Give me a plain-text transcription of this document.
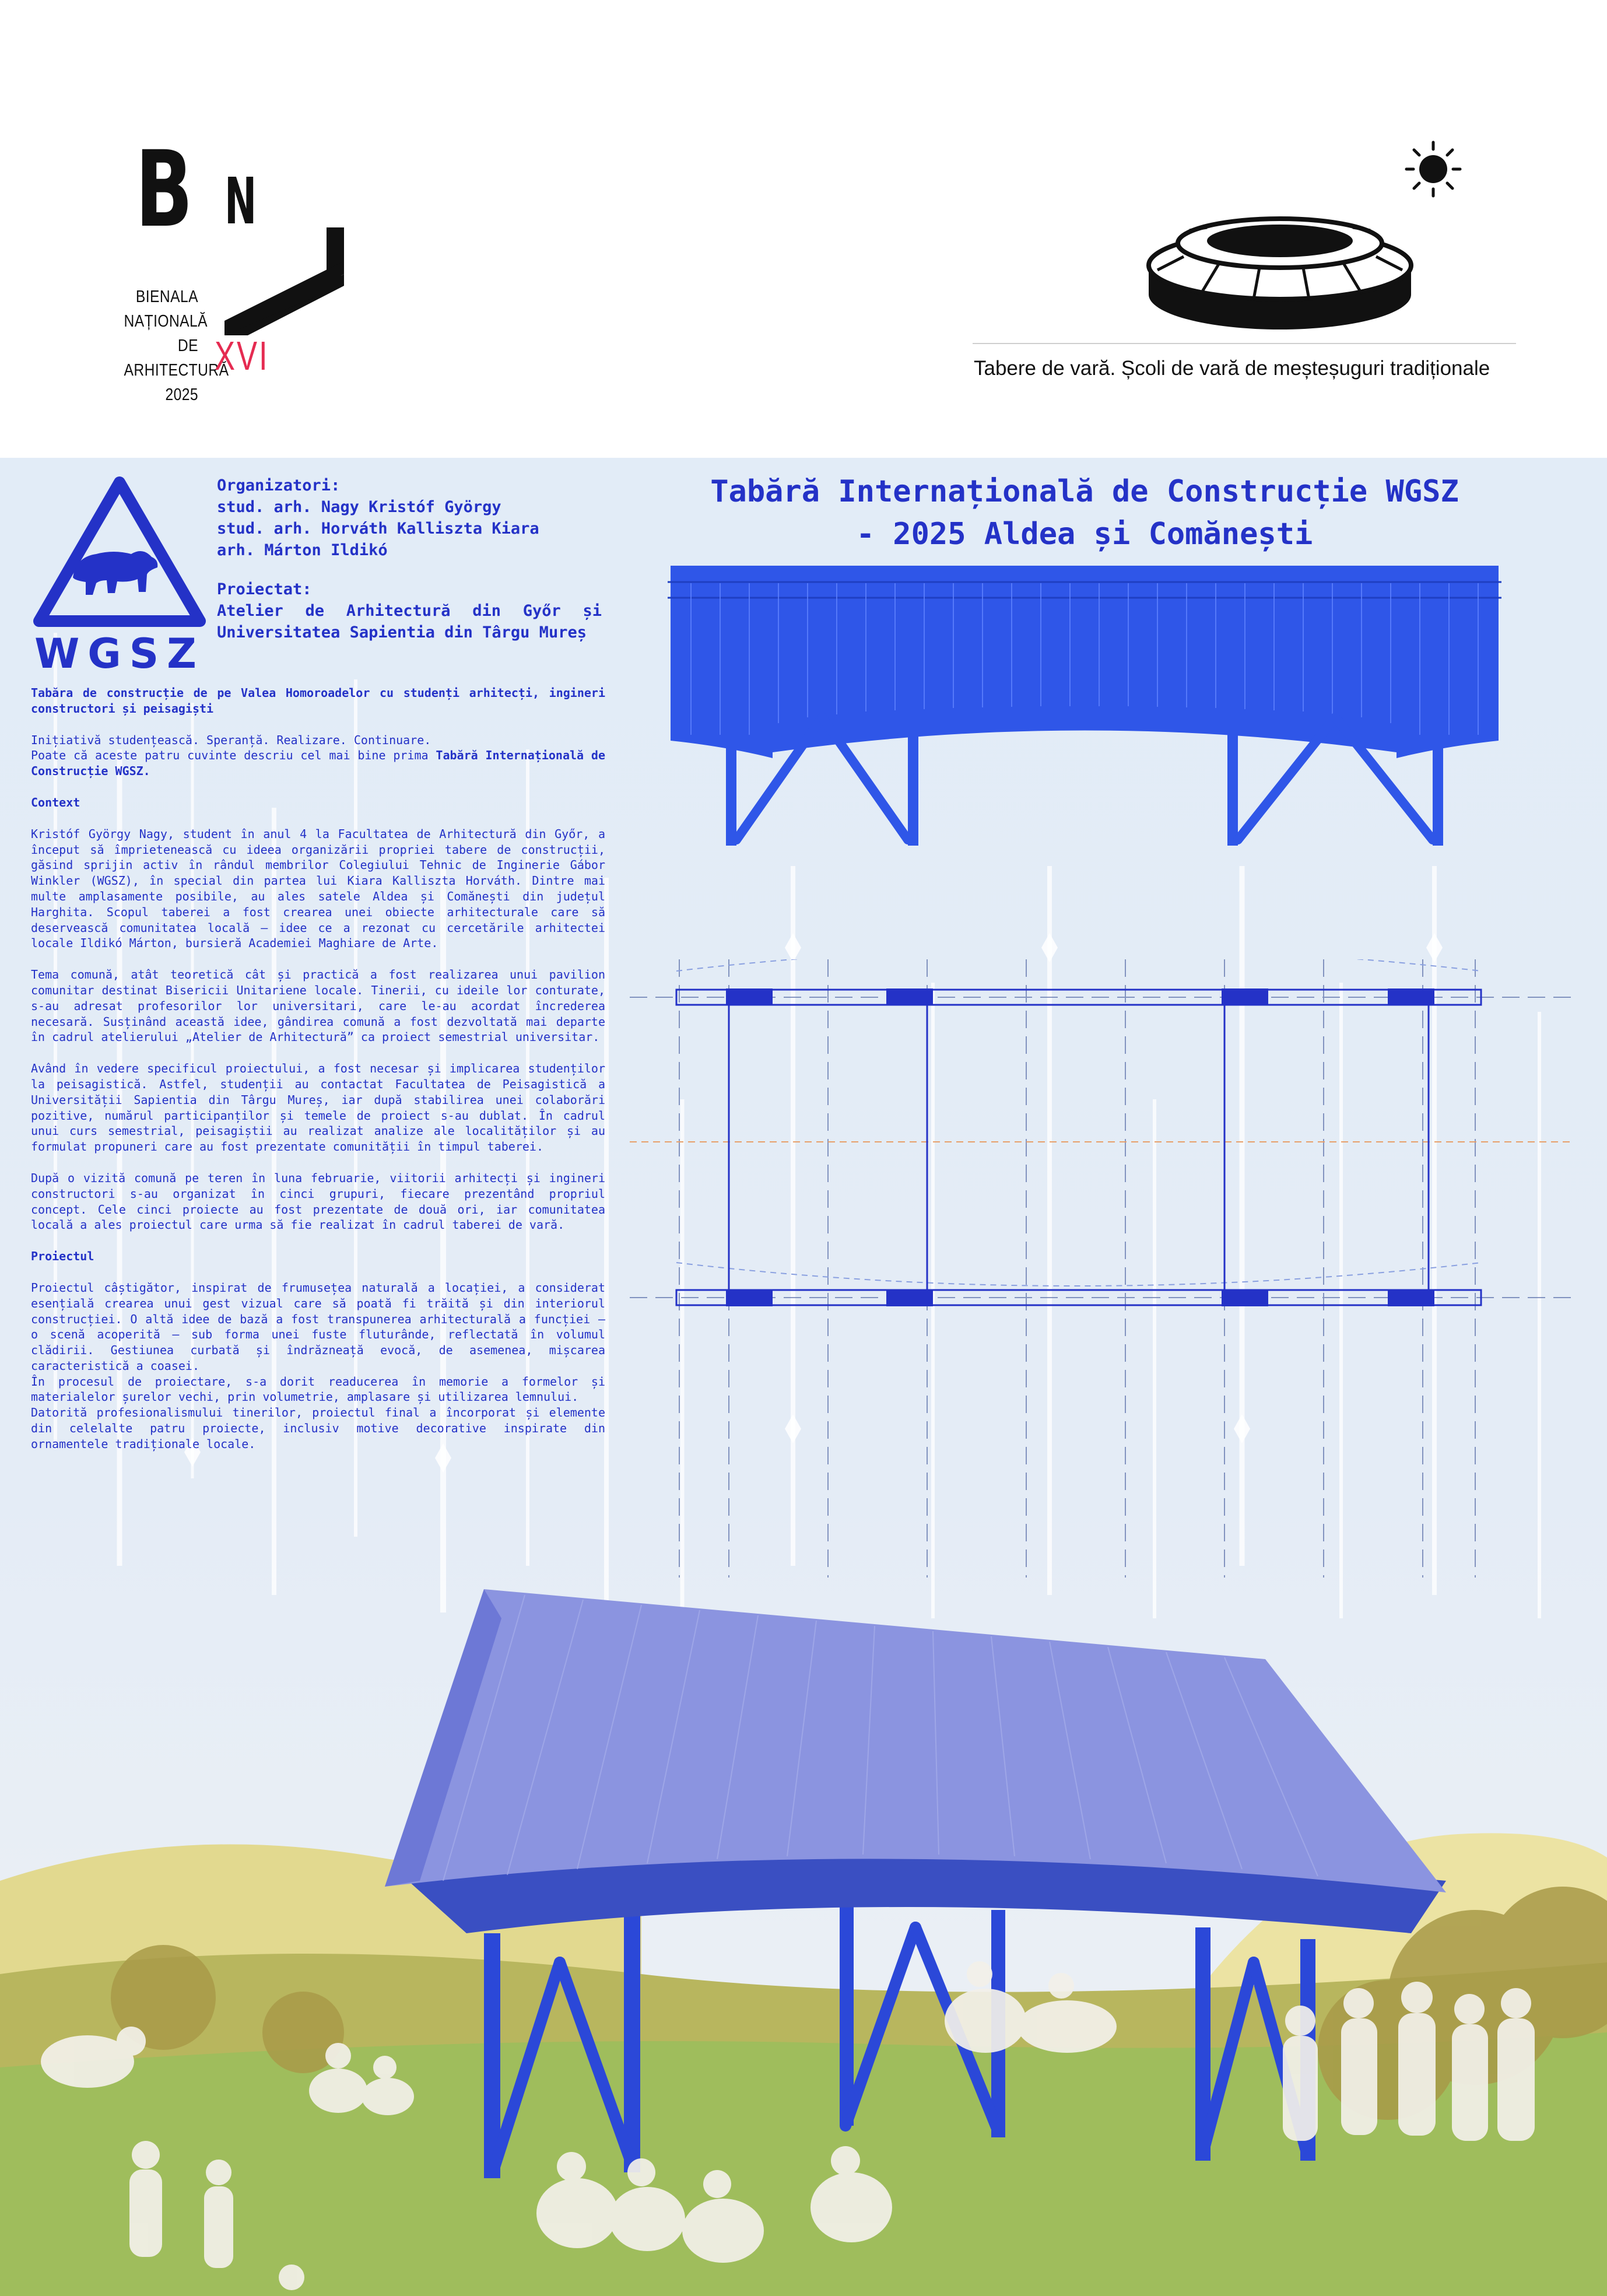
B N
BIENALA
NAȚIONALĂ
DE
ARHITECTURĂ
2025
XVI	Tabere de vară. Școli de vară de meșteșuguri tradiționale
WGSZ

Organizatori:

stud. arh. Nagy Kristóf György

stud. arh. Horváth Kalliszta Kiara

arh. Márton Ildikó

Proiectat:

Atelier de Arhitectură din Győr și Universitatea Sapientia din Târgu Mureș

Tabără Internațională de Construcție WGSZ
- 2025 Aldea și Comănești

Tabăra de construcție de pe Valea Homoroadelor cu studenți arhitecți, ingineri constructori și peisagiști

Inițiativă studențească. Speranță. Realizare. Continuare.

Poate că aceste patru cuvinte descriu cel mai bine prima Tabără Internațională de Construcție WGSZ.

Context

Kristóf György Nagy, student în anul 4 la Facultatea de Arhitectură din Győr, a început să împrietenească cu ideea organizării propriei tabere de construcții, găsind sprijin activ în rândul membrilor Colegiului Tehnic de Inginerie Gábor Winkler (WGSZ), în special din partea lui Kiara Kalliszta Horváth. Dintre mai multe amplasamente posibile, au ales satele Aldea și Comănești din județul Harghita. Scopul taberei a fost crearea unei obiecte arhitecturale care să deservească comunitatea locală – idee ce a rezonat cu cercetările arhitectei locale Ildikó Márton, bursieră Academiei Maghiare de Arte.

Tema comună, atât teoretică cât și practică a fost realizarea unui pavilion comunitar destinat Bisericii Unitariene locale. Tinerii, cu ideile lor conturate, s-au adresat profesorilor lor universitari, care le-au acordat încrederea necesară. Susținând această idee, gândirea comună a fost dezvoltată mai departe în cadrul atelierului „Atelier de Arhitectură” ca proiect semestrial universitar.

Având în vedere specificul proiectului, a fost necesar și implicarea studenților la peisagistică. Astfel, studenții au contactat Facultatea de Peisagistică a Universității Sapientia din Târgu Mureș, iar după stabilirea unei colaborări pozitive, numărul participanților și temele de proiect s-au dublat. În cadrul unui curs semestrial, peisagiștii au realizat analize ale localităților și au formulat propuneri care au fost prezentate comunității în timpul taberei.

După o vizită comună pe teren în luna februarie, viitorii arhitecți și ingineri constructori s-au organizat în cinci grupuri, fiecare prezentând propriul concept. Cele cinci proiecte au fost prezentate de două ori, iar comunitatea locală a ales proiectul care urma să fie realizat în cadrul taberei de vară.

Proiectul

Proiectul câștigător, inspirat de frumusețea naturală a locației, a considerat esențială crearea unui gest vizual care să poată fi trăită și din interiorul construcției. O altă idee de bază a fost transpunerea arhitecturală a funcției – o scenă acoperită – sub forma unei fuste fluturânde, reflectată în volumul clădirii. Gestiunea curbată și îndrăzneață evocă, de asemenea, mișcarea caracteristică a coasei.

În procesul de proiectare, s-a dorit readucerea în memorie a formelor și materialelor șurelor vechi, prin volumetrie, amplasare și utilizarea lemnului.

Datorită profesionalismului tinerilor, proiectul final a încorporat și elemente din celelalte patru proiecte, inclusiv motive decorative inspirate din ornamentele tradiționale locale.
